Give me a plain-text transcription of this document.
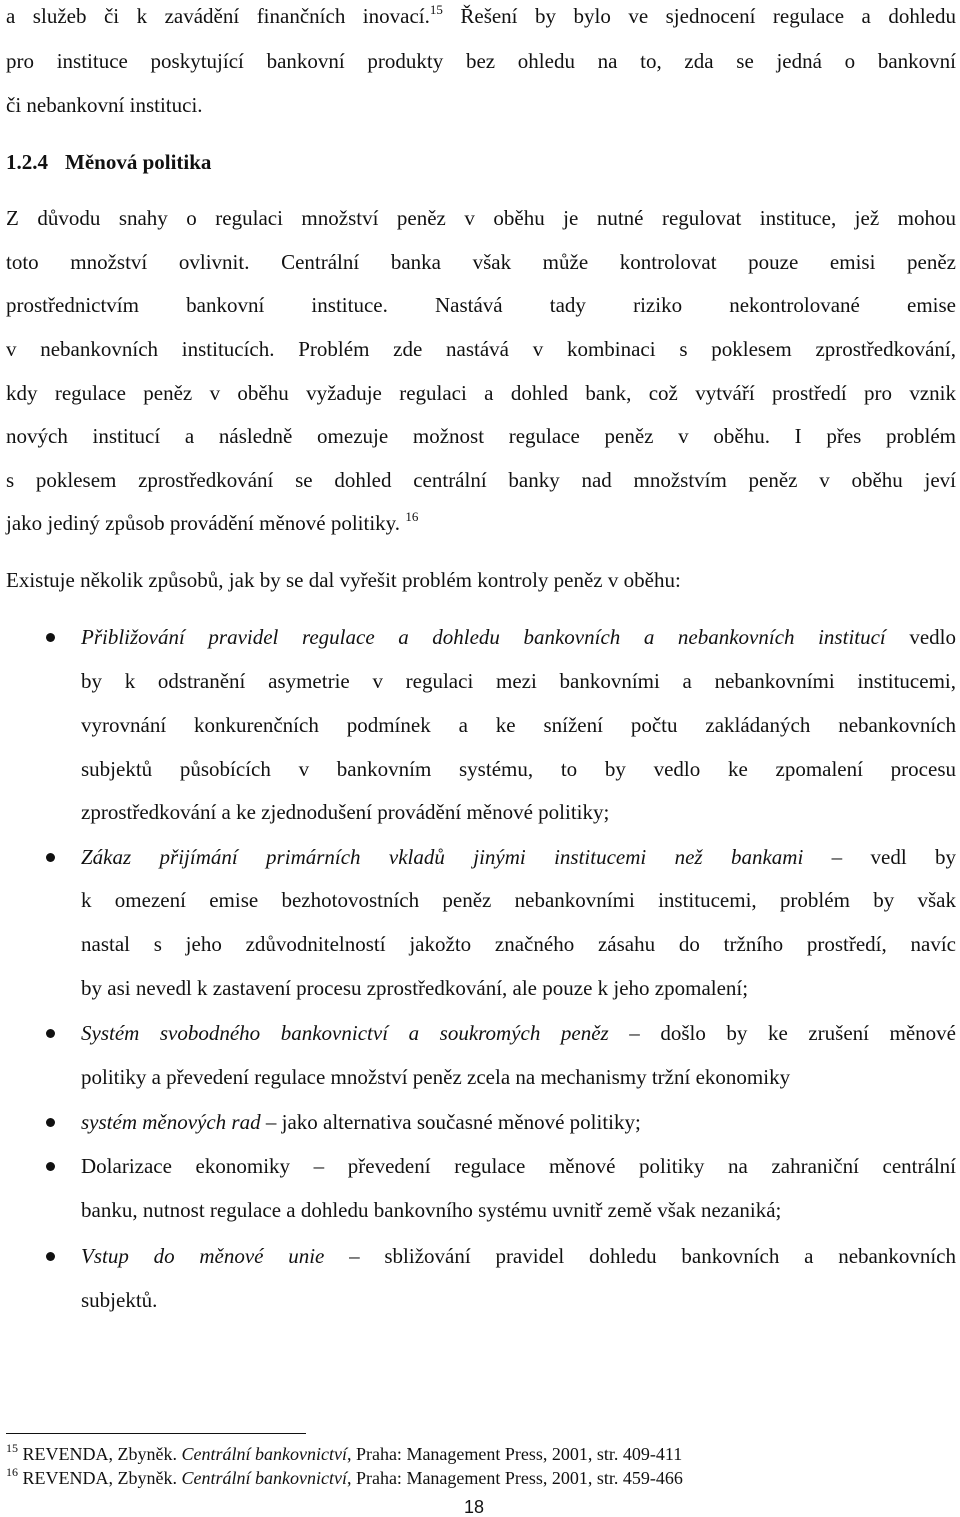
a služeb či k zavádění finančních inovací.$^{15}$ Řešení by bylo ve sjednocení regulace a dohledu
pro instituce poskytující bankovní produkty bez ohledu na to, zda se jedná o bankovní
či nebankovní instituci.
1.2.4 Měnová politika
Z důvodu snahy o regulaci množství peněz v oběhu je nutné regulovat instituce, jež mohou
toto množství ovlivnit. Centrální banka však může kontrolovat pouze emisi peněz
prostřednictvím bankovní instituce. Nastává tady riziko nekontrolované emise
v nebankovních institucích. Problém zde nastává v kombinaci s poklesem zprostředkování,
kdy regulace peněz v oběhu vyžaduje regulaci a dohled bank, což vytváří prostředí pro vznik
nových institucí a následně omezuje možnost regulace peněz v oběhu. I přes problém
s poklesem zprostředkování se dohled centrální banky nad množstvím peněz v oběhu jeví
jako jediný způsob provádění měnové politiky. $^{16}$
Existuje několik způsobů, jak by se dal vyřešit problém kontroly peněz v oběhu:
Přibližování pravidel regulace a dohledu bankovních a nebankovních institucí vedlo
by k odstranění asymetrie v regulaci mezi bankovními a nebankovními institucemi,
vyrovnání konkurenčních podmínek a ke snížení počtu zakládaných nebankovních
subjektů působících v bankovním systému, to by vedlo ke zpomalení procesu
zprostředkování a ke zjednodušení provádění měnové politiky;
Zákaz přijímání primárních vkladů jinými institucemi než bankami – vedl by
k omezení emise bezhotovostních peněz nebankovními institucemi, problém by však
nastal s jeho zdůvodnitelností jakožto značného zásahu do tržního prostředí, navíc
by asi nevedl k zastavení procesu zprostředkování, ale pouze k jeho zpomalení;
Systém svobodného bankovnictví a soukromých peněz – došlo by ke zrušení měnové
politiky a převedení regulace množství peněz zcela na mechanismy tržní ekonomiky
systém měnových rad – jako alternativa současné měnové politiky;
Dolarizace ekonomiky – převedení regulace měnové politiky na zahraniční centrální
banku, nutnost regulace a dohledu bankovního systému uvnitř země však nezaniká;
Vstup do měnové unie – sbližování pravidel dohledu bankovních a nebankovních
subjektů.
$^{15}$ REVENDA, Zbyněk. Centrální bankovnictví, Praha: Management Press, 2001, str. 409-411
$^{16}$ REVENDA, Zbyněk. Centrální bankovnictví, Praha: Management Press, 2001, str. 459-466
18
